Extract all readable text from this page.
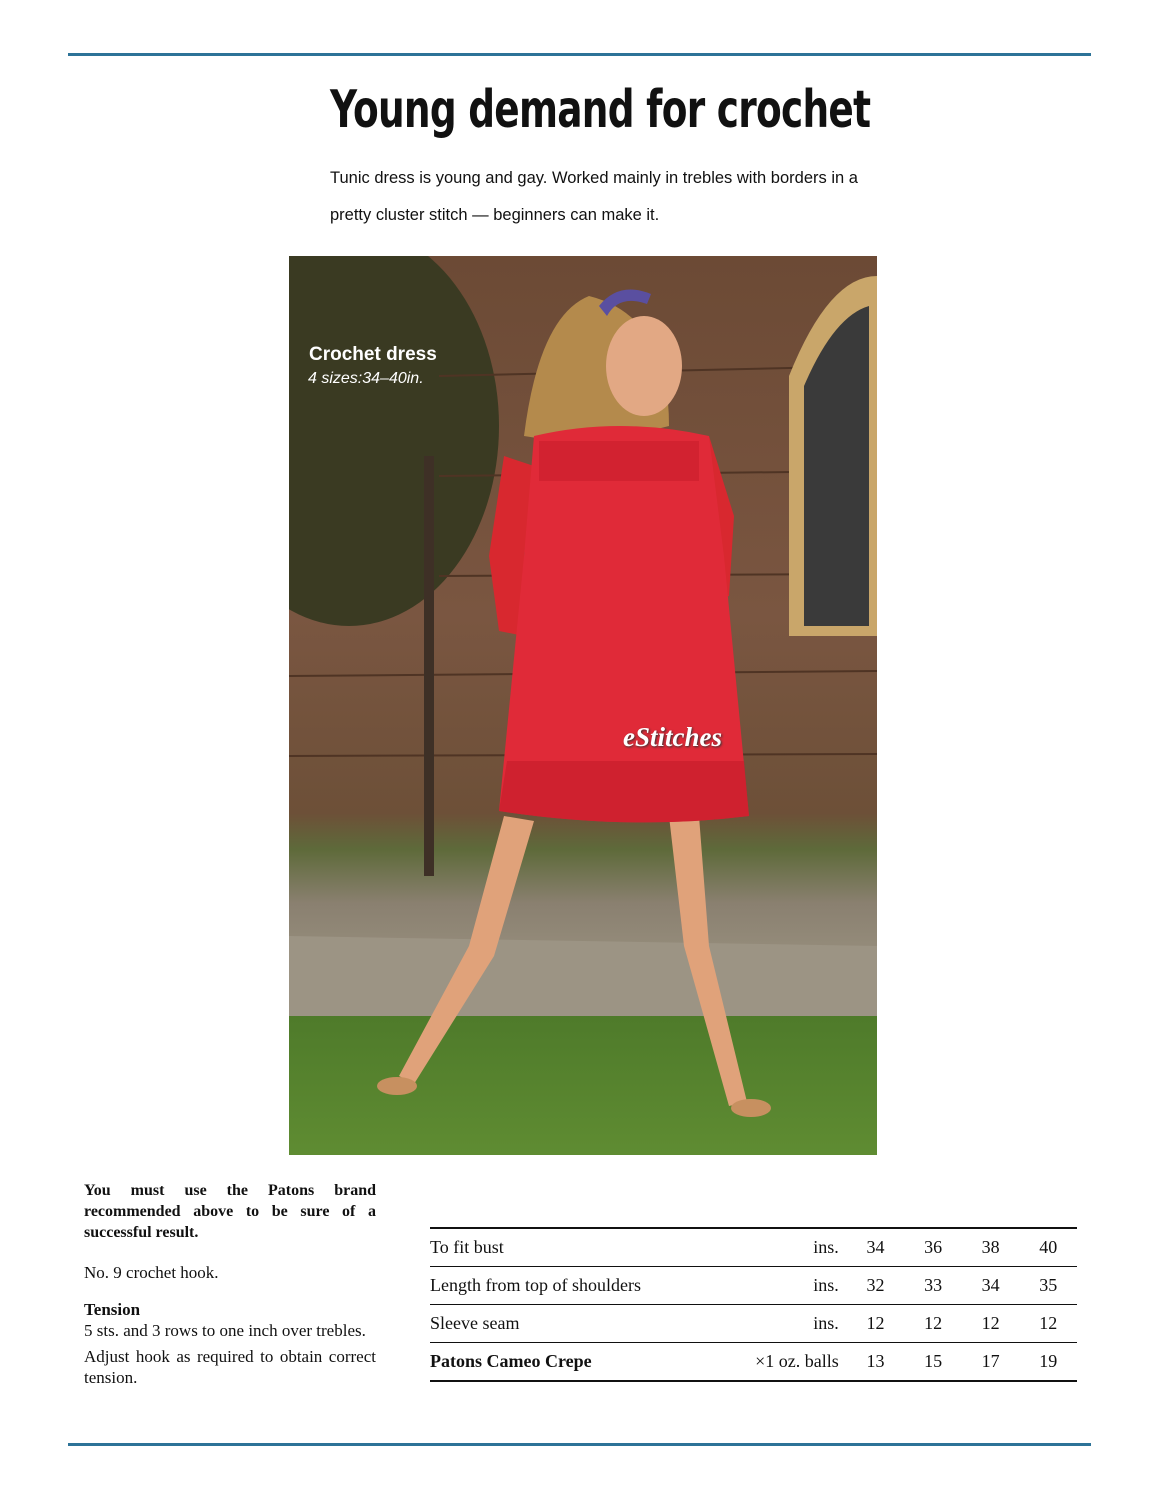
Young demand for crochet

Tunic dress is young and gay. Worked mainly in trebles with borders in a pretty cluster stitch — beginners can make it.

Crochet dress
4 sizes:34–40in.
eStitches

You must use the Patons brand recommended above to be sure of a successful result.

No. 9 crochet hook.

Tension

5 sts. and 3 rows to one inch over trebles.

Adjust hook as required to obtain correct tension.

To fit bust	ins.	34	36	38	40
Length from top of shoulders	ins.	32	33	34	35
Sleeve seam	ins.	12	12	12	12
Patons Cameo Crepe	×1 oz. balls	13	15	17	19
